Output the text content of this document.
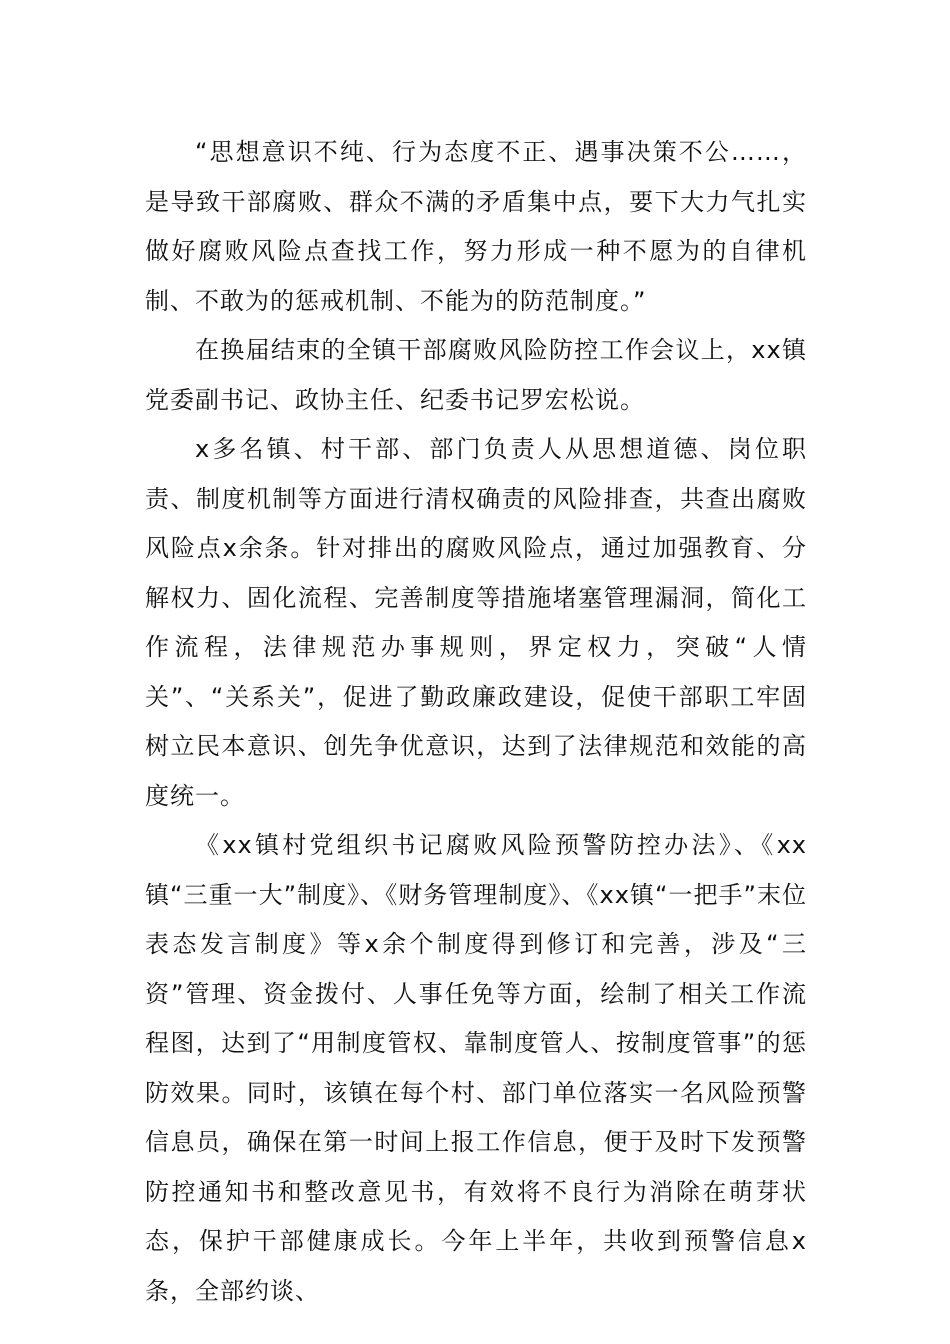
“思想意识不纯、行为态度不正、遇事决策不公……，是导致干部腐败、群众不满的矛盾集中点，要下大力气扎实做好腐败风险点查找工作，努力形成一种不愿为的自律机制、不敢为的惩戒机制、不能为的防范制度。”

在换届结束的全镇干部腐败风险防控工作会议上，xx镇党委副书记、政协主任、纪委书记罗宏松说。

x多名镇、村干部、部门负责人从思想道德、岗位职责、制度机制等方面进行清权确责的风险排查，共查出腐败风险点x余条。针对排出的腐败风险点，通过加强教育、分解权力、固化流程、完善制度等措施堵塞管理漏洞，简化工作流程，法律规范办事规则，界定权力，突破“人情关”、“关系关”，促进了勤政廉政建设，促使干部职工牢固树立民本意识、创先争优意识，达到了法律规范和效能的高度统一。

《xx镇村党组织书记腐败风险预警防控办法》、《xx镇“三重一大”制度》、《财务管理制度》、《xx镇“一把手”末位表态发言制度》等x余个制度得到修订和完善，涉及“三资”管理、资金拨付、人事任免等方面，绘制了相关工作流程图，达到了“用制度管权、靠制度管人、按制度管事”的惩防效果。同时，该镇在每个村、部门单位落实一名风险预警信息员，确保在第一时间上报工作信息，便于及时下发预警防控通知书和整改意见书，有效将不良行为消除在萌芽状态，保护干部健康成长。今年上半年，共收到预警信息x条，全部约谈、
